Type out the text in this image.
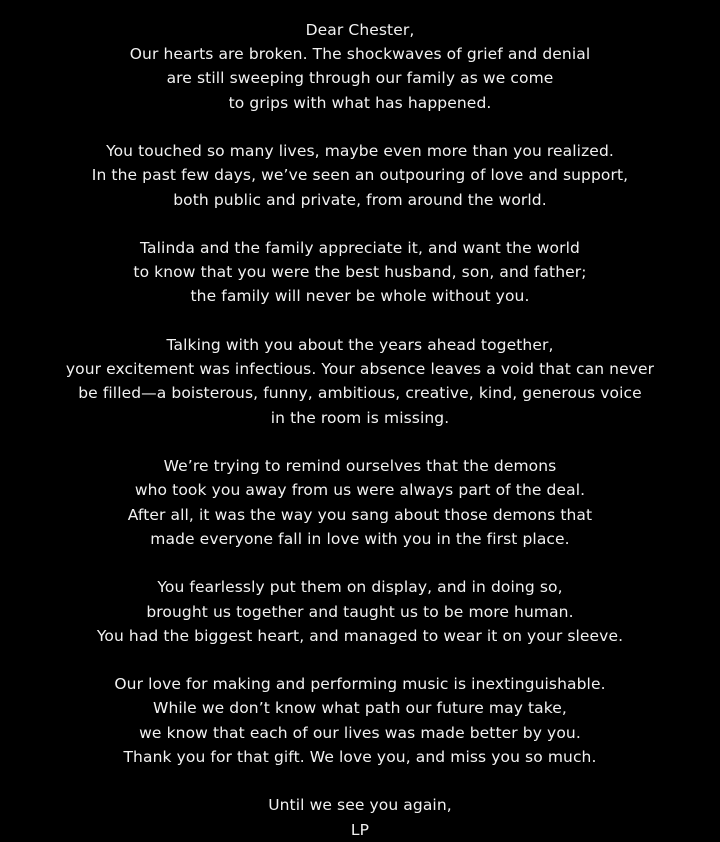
Dear Chester,
Our hearts are broken. The shockwaves of grief and denial
are still sweeping through our family as we come
to grips with what has happened.
You touched so many lives, maybe even more than you realized.
In the past few days, we’ve seen an outpouring of love and support,
both public and private, from around the world.
Talinda and the family appreciate it, and want the world
to know that you were the best husband, son, and father;
the family will never be whole without you.
Talking with you about the years ahead together,
your excitement was infectious. Your absence leaves a void that can never
be filled—a boisterous, funny, ambitious, creative, kind, generous voice
in the room is missing.
We’re trying to remind ourselves that the demons
who took you away from us were always part of the deal.
After all, it was the way you sang about those demons that
made everyone fall in love with you in the first place.
You fearlessly put them on display, and in doing so,
brought us together and taught us to be more human.
You had the biggest heart, and managed to wear it on your sleeve.
Our love for making and performing music is inextinguishable.
While we don’t know what path our future may take,
we know that each of our lives was made better by you.
Thank you for that gift. We love you, and miss you so much.
Until we see you again,
LP
